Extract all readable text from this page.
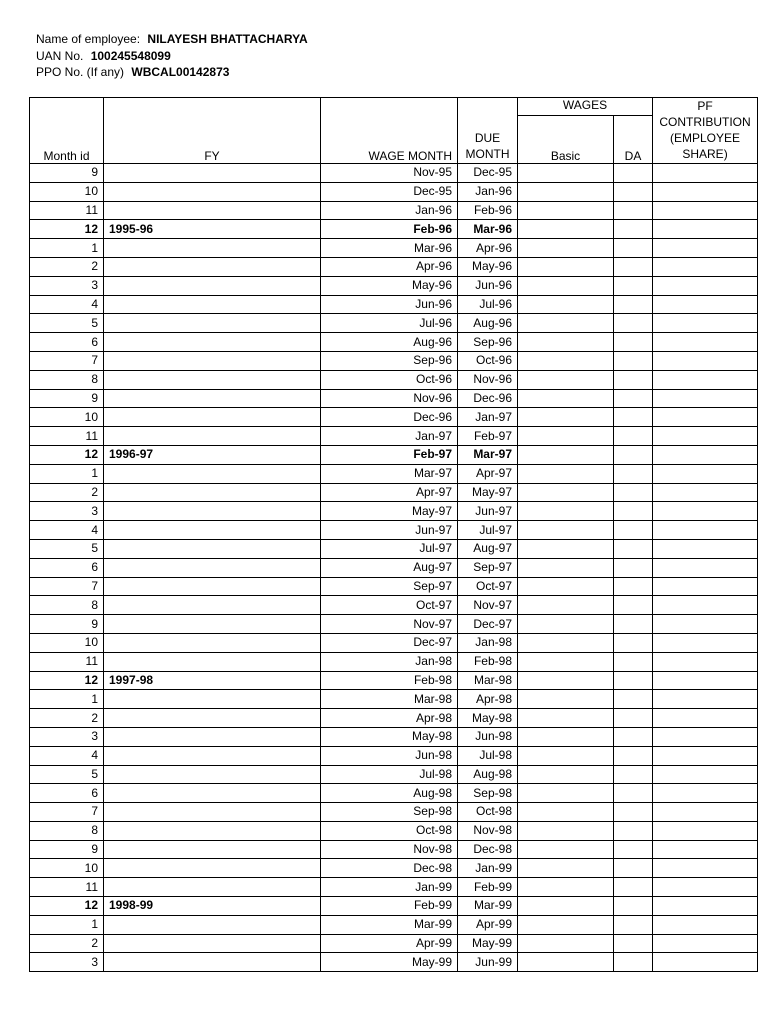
Name of employee: NILAYESH BHATTACHARYA
UAN No. 100245548099
PPO No. (If any) WBCAL00142873
Month id	FY	WAGE MONTH	DUE MONTH	WAGES		PF CONTRIBUTION (EMPLOYEE SHARE)
				Basic	DA	
9		Nov-95	Dec-95			
10		Dec-95	Jan-96			
11		Jan-96	Feb-96			
12	1995-96	Feb-96	Mar-96			
1		Mar-96	Apr-96			
2		Apr-96	May-96			
3		May-96	Jun-96			
4		Jun-96	Jul-96			
5		Jul-96	Aug-96			
6		Aug-96	Sep-96			
7		Sep-96	Oct-96			
8		Oct-96	Nov-96			
9		Nov-96	Dec-96			
10		Dec-96	Jan-97			
11		Jan-97	Feb-97			
12	1996-97	Feb-97	Mar-97			
1		Mar-97	Apr-97			
2		Apr-97	May-97			
3		May-97	Jun-97			
4		Jun-97	Jul-97			
5		Jul-97	Aug-97			
6		Aug-97	Sep-97			
7		Sep-97	Oct-97			
8		Oct-97	Nov-97			
9		Nov-97	Dec-97			
10		Dec-97	Jan-98			
11		Jan-98	Feb-98			
12	1997-98	Feb-98	Mar-98			
1		Mar-98	Apr-98			
2		Apr-98	May-98			
3		May-98	Jun-98			
4		Jun-98	Jul-98			
5		Jul-98	Aug-98			
6		Aug-98	Sep-98			
7		Sep-98	Oct-98			
8		Oct-98	Nov-98			
9		Nov-98	Dec-98			
10		Dec-98	Jan-99			
11		Jan-99	Feb-99			
12	1998-99	Feb-99	Mar-99			
1		Mar-99	Apr-99			
2		Apr-99	May-99			
3		May-99	Jun-99			
